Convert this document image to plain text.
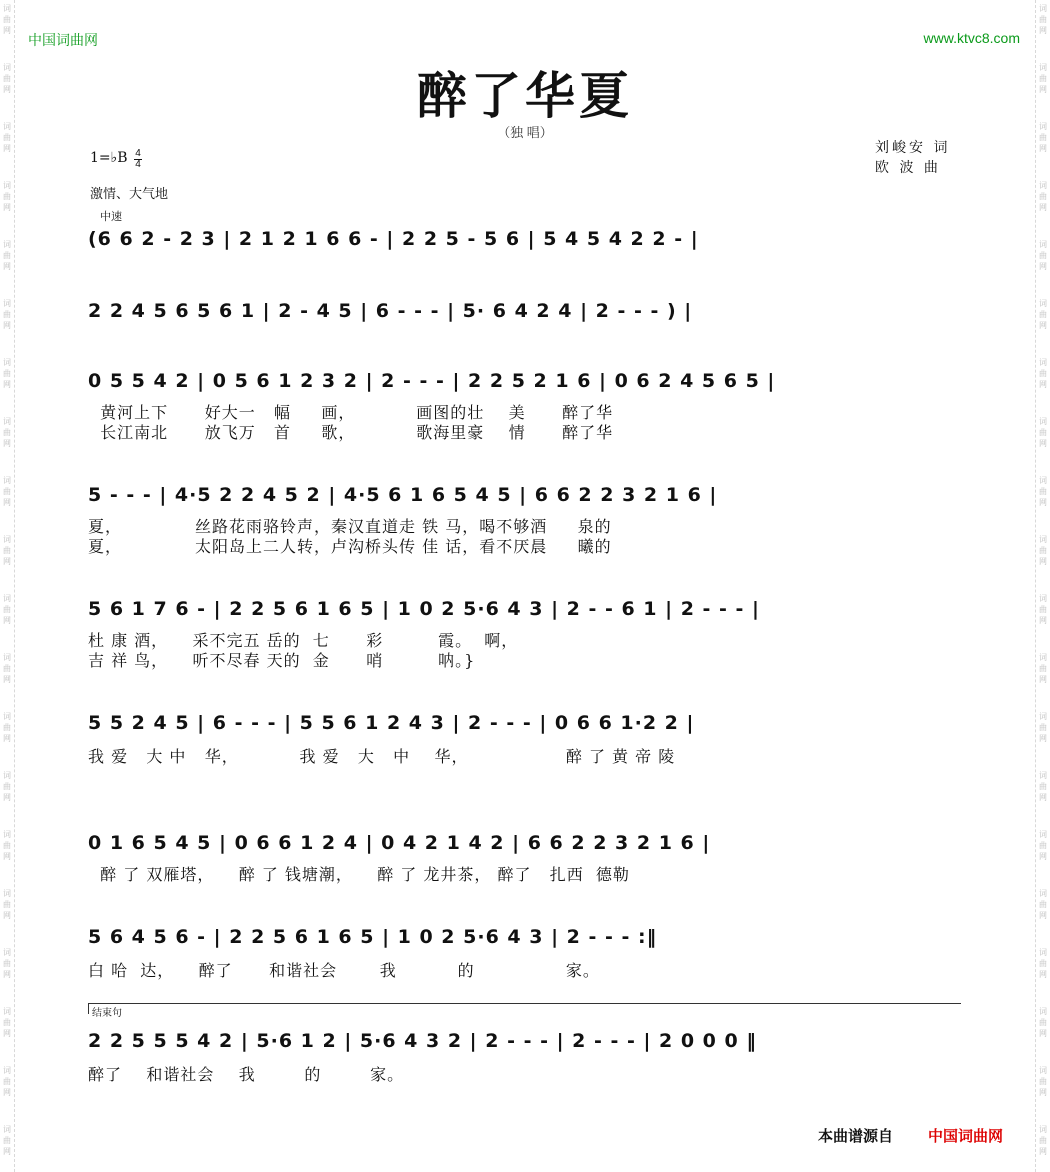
词
曲
网
词
曲
网
词
曲
网
词
曲
网
词
曲
网
词
曲
网
词
曲
网
词
曲
网
词
曲
网
词
曲
网
词
曲
网
词
曲
网
词
曲
网
词
曲
网
词
曲
网
词
曲
网
词
曲
网
词
曲
网
词
曲
网
词
曲
网
词
曲
网
词
曲
网
词
曲
网
词
曲
网
词
曲
网
词
曲
网
词
曲
网
词
曲
网
词
曲
网
词
曲
网
词
曲
网
词
曲
网
词
曲
网
词
曲
网
词
曲
网
词
曲
网
词
曲
网
词
曲
网
词
曲
网
词
曲
网
中国词曲网	www.ktvc8.com
醉了华夏
（独 唱）
刘峻安 词
欧 波 曲
1=♭B 4
4
激情、大气地
中速
(6 6 2 - 2 3 | 2 1 2 1 6 6 - | 2 2 5 - 5 6 | 5 4 5 4 2 2 - |
2 2 4 5 6 5 6 1 | 2 - 4 5 | 6 - - - | 5· 6 4 2 4 | 2 - - - ) |
0 5 5 4 2 | 0 5 6 1 2 3 2 | 2 - - - | 2 2 5 2 1 6 | 0 6 2 4 5 6 5 |
黄河上下      好大一   幅     画，          画图的壮    美      醉了华
长江南北      放飞万   首     歌，          歌海里豪    情      醉了华
5 - - - | 4·5 2 2 4 5 2 | 4·5 6 1 6 5 4 5 | 6 6 2 2 3 2 1 6 |
夏，            丝路花雨骆铃声，秦汉直道走 铁 马，喝不够酒     泉的
夏，            太阳岛上二人转，卢沟桥头传 佳 话，看不厌晨     曦的
5 6 1 7 6 - | 2 2 5 6 1 6 5 | 1 0 2 5·6 4 3 | 2 - - 6 1 | 2 - - - |
杜 康 酒，    采不完五 岳的  七      彩         霞。  啊，
吉 祥 鸟，    听不尽春 天的  金      哨         呐。}
5 5 2 4 5 | 6 - - - | 5 5 6 1 2 4 3 | 2 - - - | 0 6 6 1·2 2 |
我 爱   大 中   华，          我 爱   大   中    华，                醉 了 黄 帝 陵
0 1 6 5 4 5 | 0 6 6 1 2 4 | 0 4 2 1 4 2 | 6 6 2 2 3 2 1 6 |
醉 了 双雁塔，    醉 了 钱塘潮，    醉 了 龙井茶， 醉了   扎西  德勒
5 6 4 5 6 - | 2 2 5 6 1 6 5 | 1 0 2 5·6 4 3 | 2 - - - :‖
白 哈  达，    醉了      和谐社会       我          的               家。
结束句
2 2 5 5 5 4 2 | 5·6 1 2 | 5·6 4 3 2 | 2 - - - | 2 - - - | 2 0 0 0 ‖
醉了    和谐社会    我        的        家。
本曲谱源自 中国词曲网
